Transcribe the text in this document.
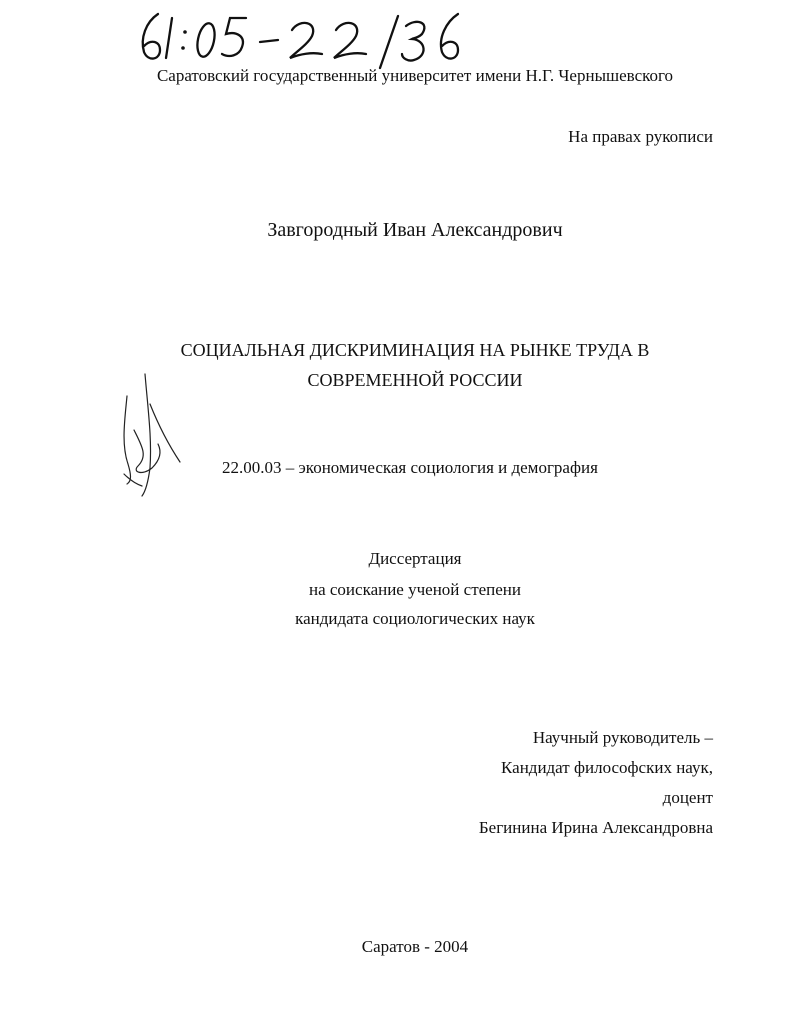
Саратовский государственный университет имени Н.Г. Чернышевского
На правах рукописи
Завгородный Иван Александрович
СОЦИАЛЬНАЯ ДИСКРИМИНАЦИЯ НА РЫНКЕ ТРУДА В
СОВРЕМЕННОЙ РОССИИ
22.00.03 – экономическая социология и демография
Диссертация
на соискание ученой степени
кандидата социологических наук
Научный руководитель –
Кандидат философских наук,
доцент
Бегинина Ирина Александровна
Саратов - 2004
